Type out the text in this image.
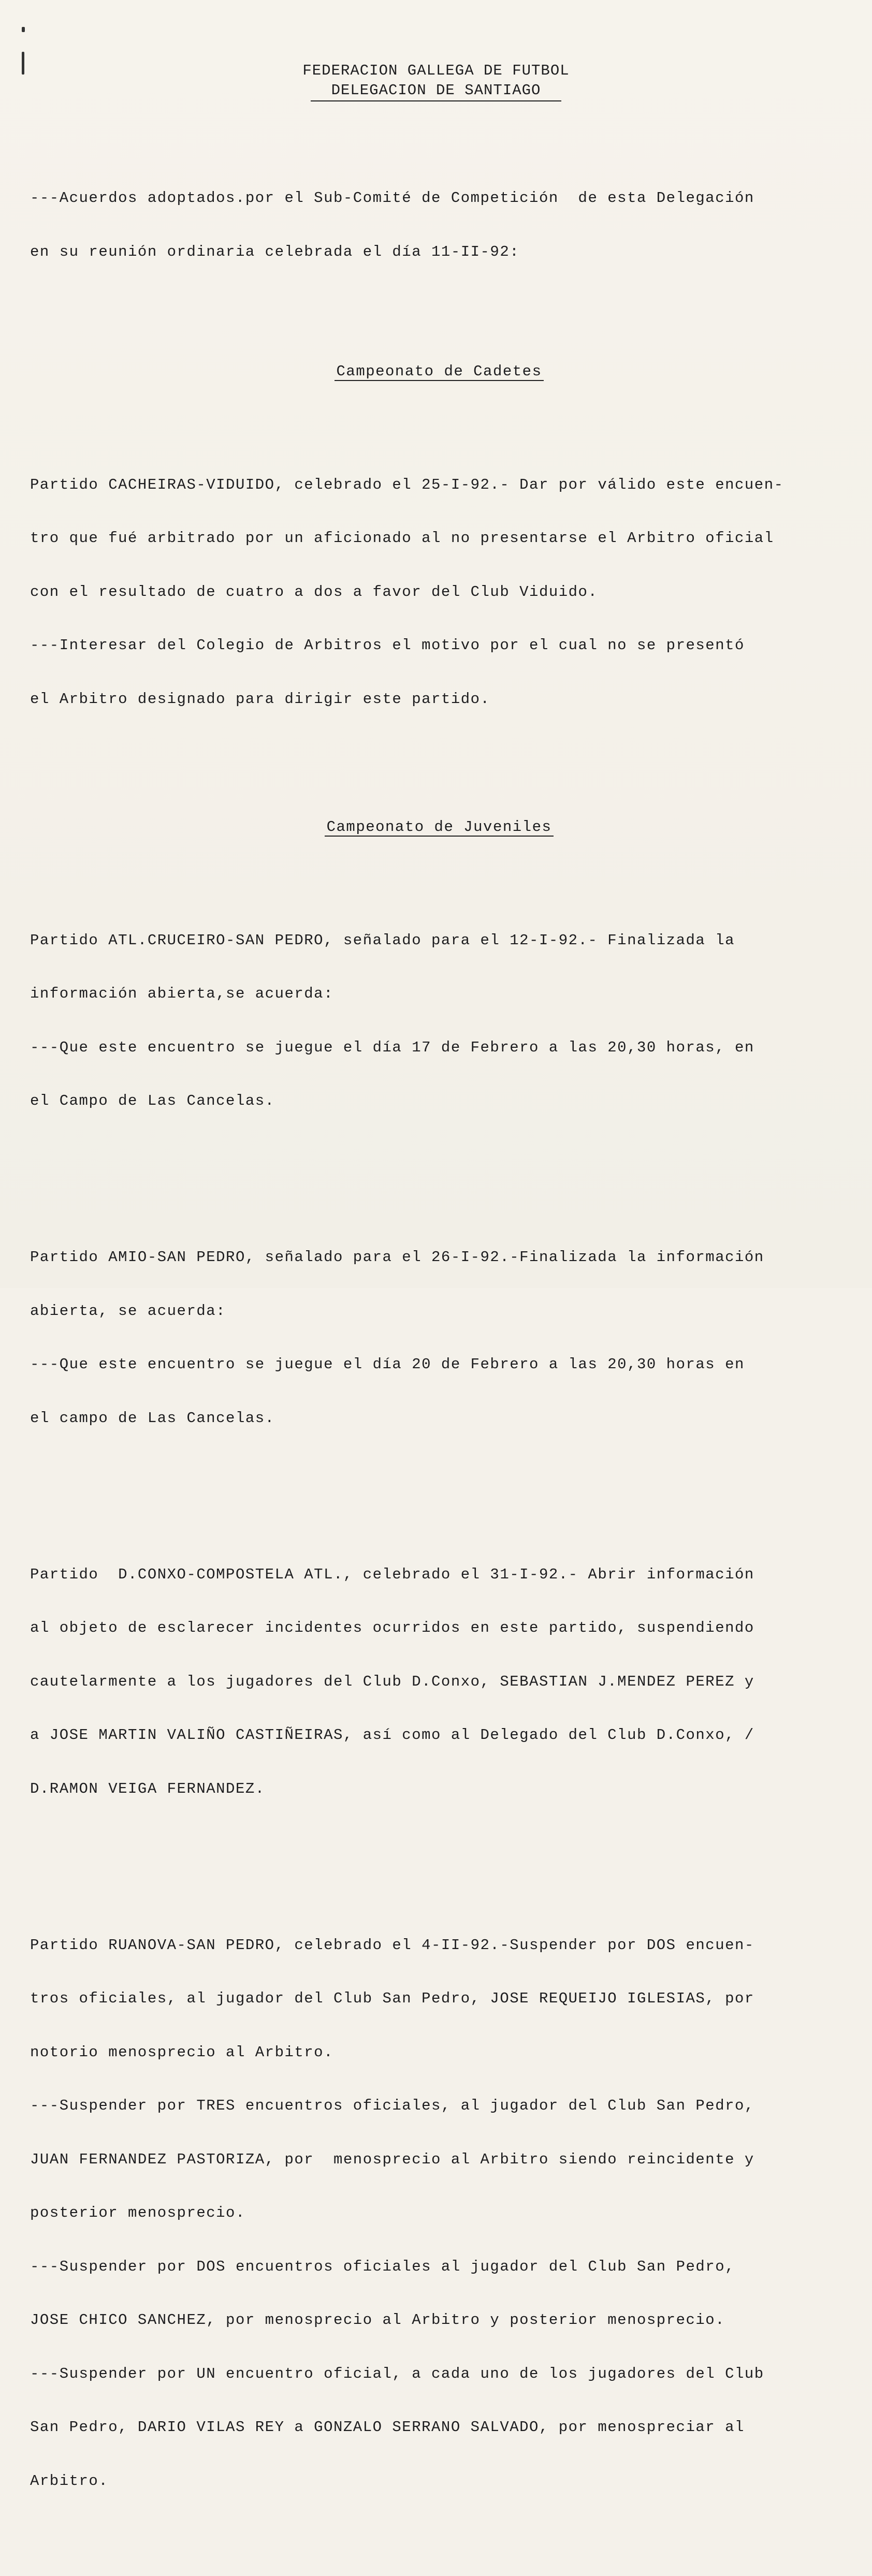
FEDERACION GALLEGA DE FUTBOL
DELEGACION DE SANTIAGO

---Acuerdos adoptados.por el Sub-Comité de Competición  de esta Delegación

en su reunión ordinaria celebrada el día 11-II-92:

Campeonato de Cadetes

Partido CACHEIRAS-VIDUIDO, celebrado el 25-I-92.- Dar por válido este encuen-

tro que fué arbitrado por un aficionado al no presentarse el Arbitro oficial

con el resultado de cuatro a dos a favor del Club Viduido.

---Interesar del Colegio de Arbitros el motivo por el cual no se presentó

el Arbitro designado para dirigir este partido.

Campeonato de Juveniles

Partido ATL.CRUCEIRO-SAN PEDRO, señalado para el 12-I-92.- Finalizada la

información abierta,se acuerda:

---Que este encuentro se juegue el día 17 de Febrero a las 20,30 horas, en

el Campo de Las Cancelas.

Partido AMIO-SAN PEDRO, señalado para el 26-I-92.-Finalizada la información

abierta, se acuerda:

---Que este encuentro se juegue el día 20 de Febrero a las 20,30 horas en

el campo de Las Cancelas.

Partido  D.CONXO-COMPOSTELA ATL., celebrado el 31-I-92.- Abrir información

al objeto de esclarecer incidentes ocurridos en este partido, suspendiendo

cautelarmente a los jugadores del Club D.Conxo, SEBASTIAN J.MENDEZ PEREZ y

a JOSE MARTIN VALIÑO CASTIÑEIRAS, así como al Delegado del Club D.Conxo, /

D.RAMON VEIGA FERNANDEZ.

Partido RUANOVA-SAN PEDRO, celebrado el 4-II-92.-Suspender por DOS encuen-

tros oficiales, al jugador del Club San Pedro, JOSE REQUEIJO IGLESIAS, por

notorio menosprecio al Arbitro.

---Suspender por TRES encuentros oficiales, al jugador del Club San Pedro,

JUAN FERNANDEZ PASTORIZA, por  menosprecio al Arbitro siendo reincidente y

posterior menosprecio.

---Suspender por DOS encuentros oficiales al jugador del Club San Pedro,

JOSE CHICO SANCHEZ, por menosprecio al Arbitro y posterior menosprecio.

---Suspender por UN encuentro oficial, a cada uno de los jugadores del Club

San Pedro, DARIO VILAS REY a GONZALO SERRANO SALVADO, por menospreciar al

Arbitro.
